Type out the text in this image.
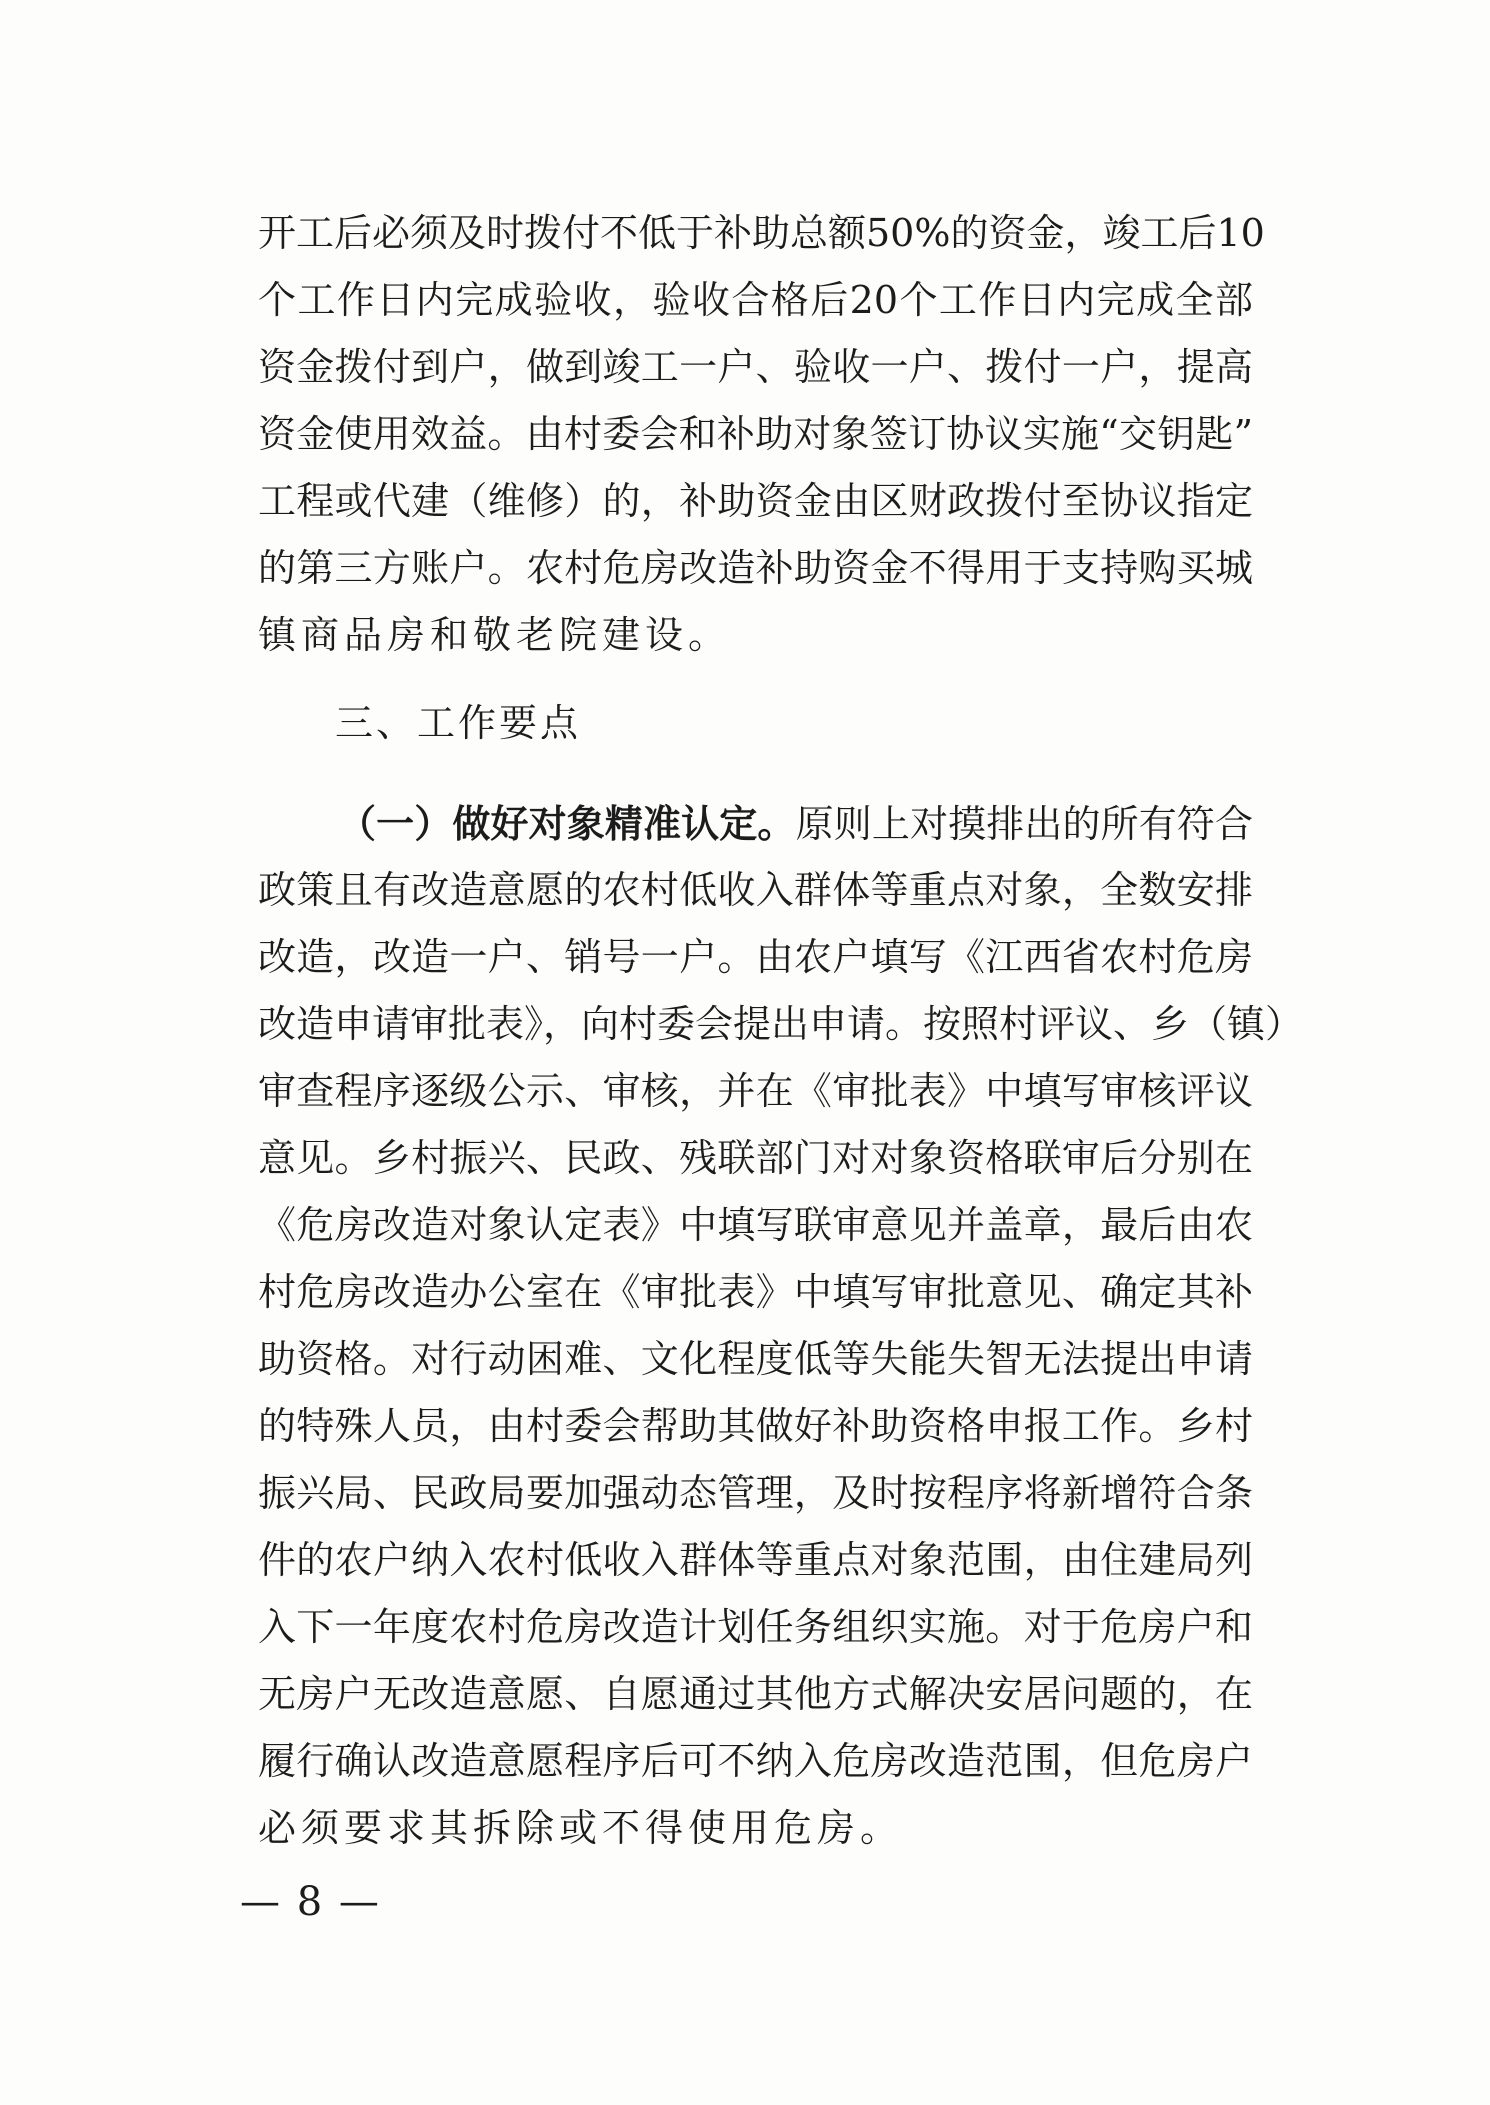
开工后必须及时拨付不低于补助总额50%的资金，竣工后10
个工作日内完成验收，验收合格后20个工作日内完成全部
资金拨付到户，做到竣工一户、验收一户、拨付一户，提高
资金使用效益。由村委会和补助对象签订协议实施“交钥匙”
工程或代建（维修）的，补助资金由区财政拨付至协议指定
的第三方账户。农村危房改造补助资金不得用于支持购买城
镇商品房和敬老院建设。
三、工作要点
（一）做好对象精准认定。原则上对摸排出的所有符合
政策且有改造意愿的农村低收入群体等重点对象，全数安排
改造，改造一户、销号一户。由农户填写《江西省农村危房
改造申请审批表》，向村委会提出申请。按照村评议、乡（镇）
审查程序逐级公示、审核，并在《审批表》中填写审核评议
意见。乡村振兴、民政、残联部门对对象资格联审后分别在
《危房改造对象认定表》中填写联审意见并盖章，最后由农
村危房改造办公室在《审批表》中填写审批意见、确定其补
助资格。对行动困难、文化程度低等失能失智无法提出申请
的特殊人员，由村委会帮助其做好补助资格申报工作。乡村
振兴局、民政局要加强动态管理，及时按程序将新增符合条
件的农户纳入农村低收入群体等重点对象范围，由住建局列
入下一年度农村危房改造计划任务组织实施。对于危房户和
无房户无改造意愿、自愿通过其他方式解决安居问题的，在
履行确认改造意愿程序后可不纳入危房改造范围，但危房户
必须要求其拆除或不得使用危房。
— 8 —
